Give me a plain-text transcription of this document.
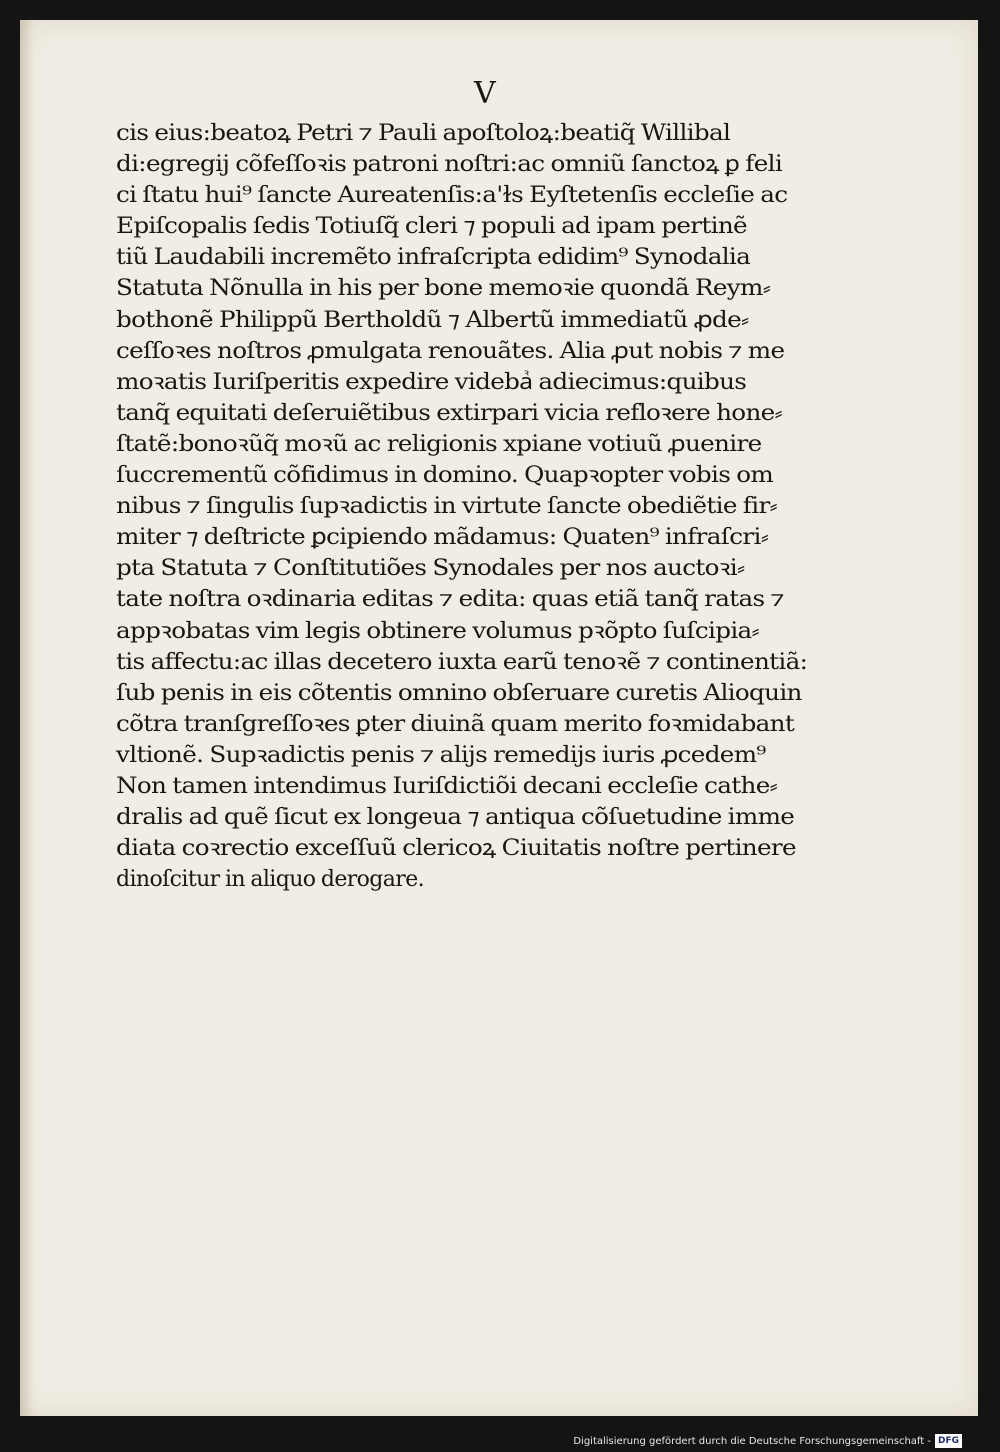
V
cis eius:beatoꝝ Petri ⁊ Pauli apoſtoloꝝ:beatiq̃ Willibal
di:egregij cõfeſſoꝛis patroni noſtri:ac omniũ ſanctoꝝ ꝑ feli
ci ſtatu hui⁹ ſancte Aureatenſis:a'ɫs Eyſtetenſis eccleſie ac
Epiſcopalis ſedis Totiuſq̃ cleri ⁊ populi ad ipam pertinẽ
tiũ Laudabili incremẽto infraſcripta edidim⁹ Synodalia
Statuta Nõnulla in his per bone memoꝛie quondã Reym⸗
bothonẽ Philippũ Bertholdũ ⁊ Albertũ immediatũ ꝓde⸗
ceſſoꝛes noſtros ꝓmulgata renouãtes. Alia ꝓut nobis ⁊ me
moꝛatis Iuriſperitis expedire videbaᷣ adiecimus:quibus
tanq̃ equitati deſeruiẽtibus extirpari vicia refloꝛere hone⸗
ſtatẽ:bonoꝛũq̃ moꝛũ ac religionis xpiane votiuũ ꝓuenire
ſuccrementũ cõfidimus in domino. Quapꝛopter vobis om
nibus ⁊ ſingulis ſupꝛadictis in virtute ſancte obediẽtie fir⸗
miter ⁊ deſtricte ꝑcipiendo mãdamus: Quaten⁹ infraſcri⸗
pta Statuta ⁊ Conſtitutiões Synodales per nos auctoꝛi⸗
tate noſtra oꝛdinaria editas ⁊ edita: quas etiã tanq̃ ratas ⁊
appꝛobatas vim legis obtinere volumus pꝛõpto ſuſcipia⸗
tis affectu:ac illas decetero iuxta earũ tenoꝛẽ ⁊ continentiã:
ſub penis in eis cõtentis omnino obſeruare curetis Alioquin
cõtra tranſgreſſoꝛes ꝑter diuinã quam merito foꝛmidabant
vltionẽ. Supꝛadictis penis ⁊ alijs remedijs iuris ꝓcedem⁹
Non tamen intendimus Iuriſdictiõi decani eccleſie cathe⸗
dralis ad quẽ ſicut ex longeua ⁊ antiqua cõſuetudine imme
diata coꝛrectio exceſſuũ clericoꝝ Ciuitatis noſtre pertinere
dinoſcitur in aliquo derogare.
Digitalisierung gefördert durch die Deutsche Forschungsgemeinschaft - DFG
